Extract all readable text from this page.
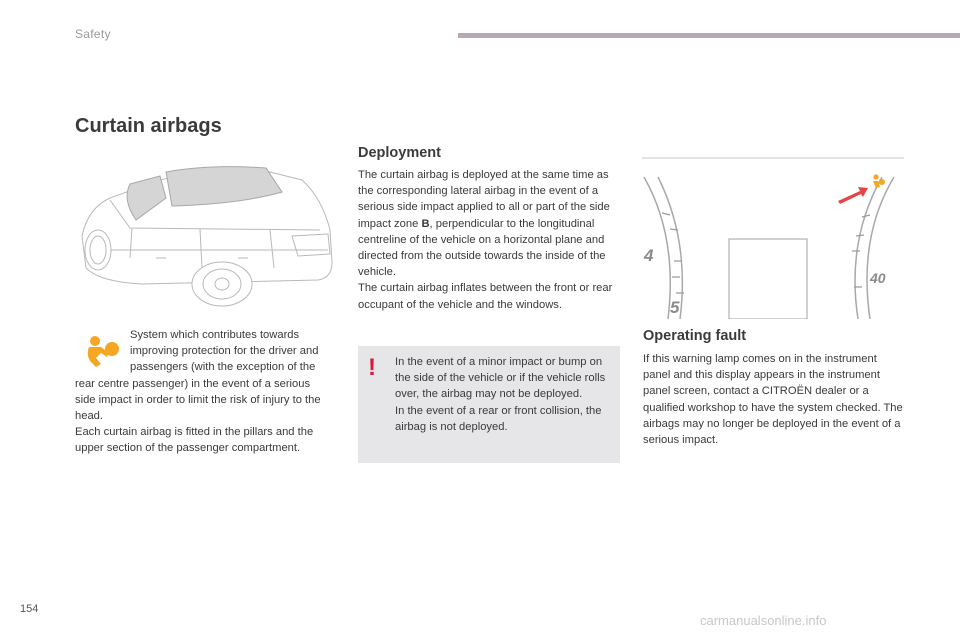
Safety
Curtain airbags
System which contributes towards improving protection for the driver and passengers (with the exception of the rear centre passenger) in the event of a serious side impact in order to limit the risk of injury to the head.
Each curtain airbag is fitted in the pillars and the upper section of the passenger compartment.
Deployment

The curtain airbag is deployed at the same time as the corresponding lateral airbag in the event of a serious side impact applied to all or part of the side impact zone B, perpendicular to the longitudinal centreline of the vehicle on a horizontal plane and directed from the outside towards the inside of the vehicle.
The curtain airbag inflates between the front or rear occupant of the vehicle and the windows.

! In the event of a minor impact or bump on the side of the vehicle or if the vehicle rolls over, the airbag may not be deployed.
In the event of a rear or front collision, the airbag is not deployed.

4
5
40
Operating fault

If this warning lamp comes on in the instrument panel and this display appears in the instrument panel screen, contact a CITROËN dealer or a qualified workshop to have the system checked. The airbags may no longer be deployed in the event of a serious impact.

154
carmanualsonline.info
